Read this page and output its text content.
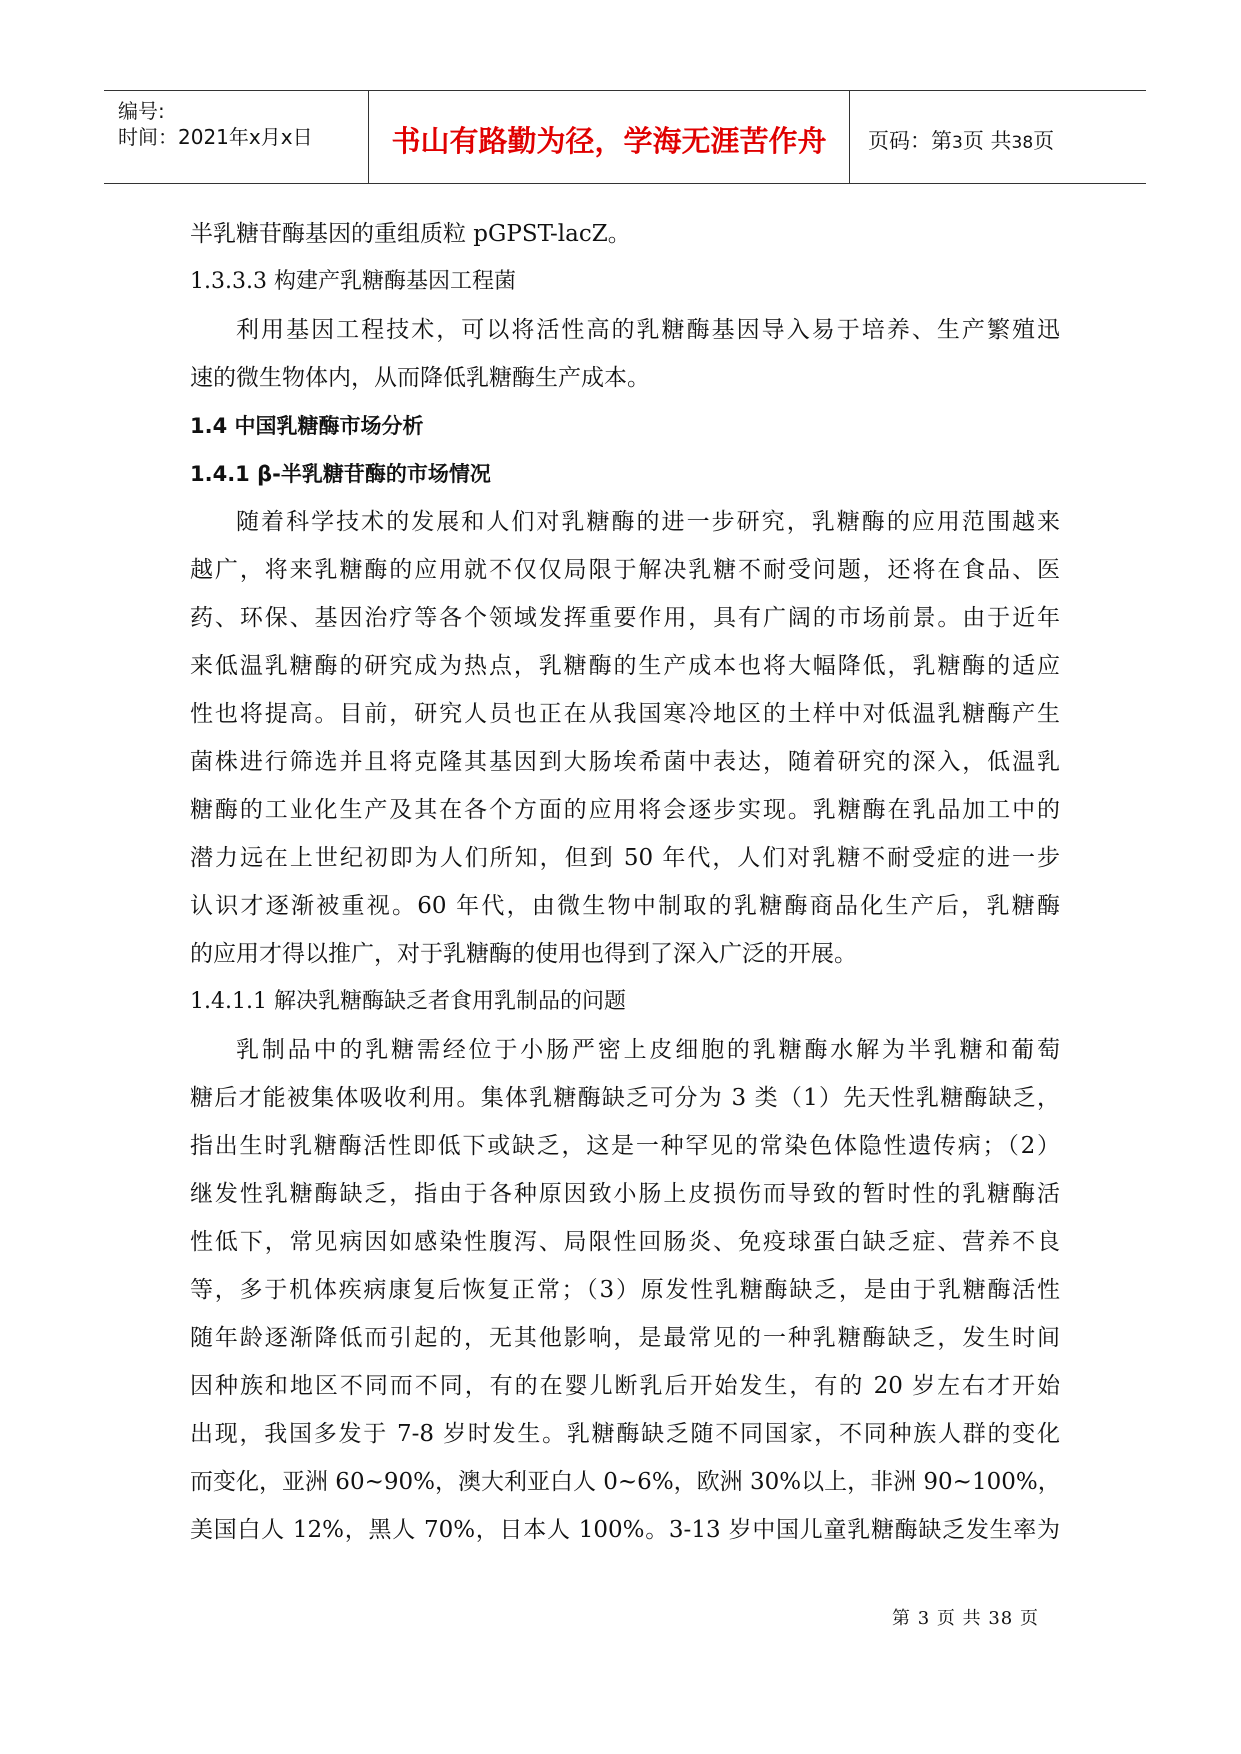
编号:
时间：2021年x月x日	书山有路勤为径，学海无涯苦作舟	页码：第3页 共38页
半乳糖苷酶基因的重组质粒 pGPST-lacZ。
1.3.3.3 构建产乳糖酶基因工程菌
利用基因工程技术，可以将活性高的乳糖酶基因导入易于培养、生产繁殖迅
速的微生物体内，从而降低乳糖酶生产成本。
1.4 中国乳糖酶市场分析
1.4.1 β-半乳糖苷酶的市场情况
随着科学技术的发展和人们对乳糖酶的进一步研究，乳糖酶的应用范围越来
越广，将来乳糖酶的应用就不仅仅局限于解决乳糖不耐受问题，还将在食品、医
药、环保、基因治疗等各个领域发挥重要作用，具有广阔的市场前景。由于近年
来低温乳糖酶的研究成为热点，乳糖酶的生产成本也将大幅降低，乳糖酶的适应
性也将提高。目前，研究人员也正在从我国寒冷地区的土样中对低温乳糖酶产生
菌株进行筛选并且将克隆其基因到大肠埃希菌中表达，随着研究的深入，低温乳
糖酶的工业化生产及其在各个方面的应用将会逐步实现。乳糖酶在乳品加工中的
潜力远在上世纪初即为人们所知，但到 50 年代，人们对乳糖不耐受症的进一步
认识才逐渐被重视。60 年代，由微生物中制取的乳糖酶商品化生产后，乳糖酶
的应用才得以推广，对于乳糖酶的使用也得到了深入广泛的开展。
1.4.1.1 解决乳糖酶缺乏者食用乳制品的问题
乳制品中的乳糖需经位于小肠严密上皮细胞的乳糖酶水解为半乳糖和葡萄
糖后才能被集体吸收利用。集体乳糖酶缺乏可分为 3 类（1）先天性乳糖酶缺乏，
指出生时乳糖酶活性即低下或缺乏，这是一种罕见的常染色体隐性遗传病；（2）
继发性乳糖酶缺乏，指由于各种原因致小肠上皮损伤而导致的暂时性的乳糖酶活
性低下，常见病因如感染性腹泻、局限性回肠炎、免疫球蛋白缺乏症、营养不良
等，多于机体疾病康复后恢复正常；（3）原发性乳糖酶缺乏，是由于乳糖酶活性
随年龄逐渐降低而引起的，无其他影响，是最常见的一种乳糖酶缺乏，发生时间
因种族和地区不同而不同，有的在婴儿断乳后开始发生，有的 20 岁左右才开始
出现，我国多发于 7-8 岁时发生。乳糖酶缺乏随不同国家，不同种族人群的变化
而变化，亚洲 60~90%，澳大利亚白人 0~6%，欧洲 30%以上，非洲 90~100%，
美国白人 12%，黑人 70%，日本人 100%。3-13 岁中国儿童乳糖酶缺乏发生率为
第 3 页 共 38 页
